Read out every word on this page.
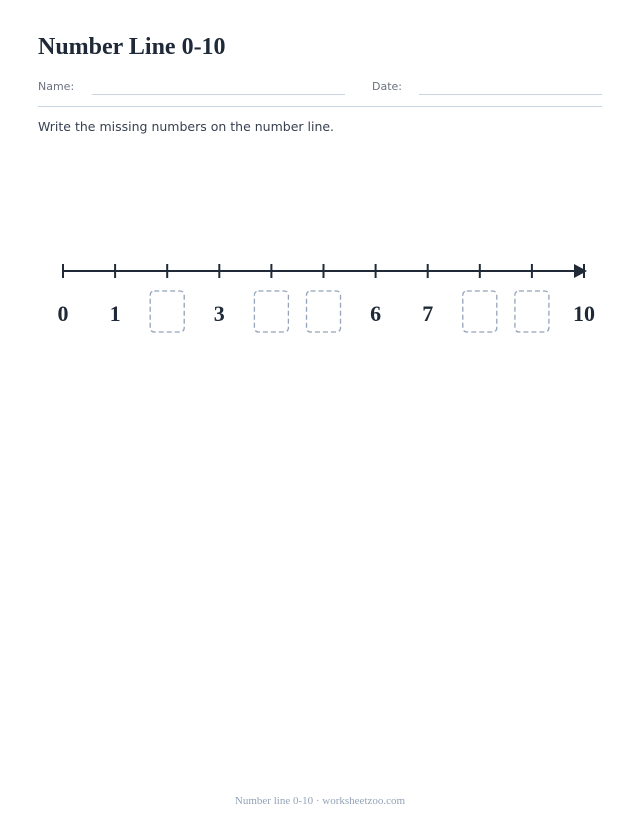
Number Line 0-10
Name:	Date:
Write the missing numbers on the number line.
0 1	3	6 7	10
Number line 0-10 · worksheetzoo.com
